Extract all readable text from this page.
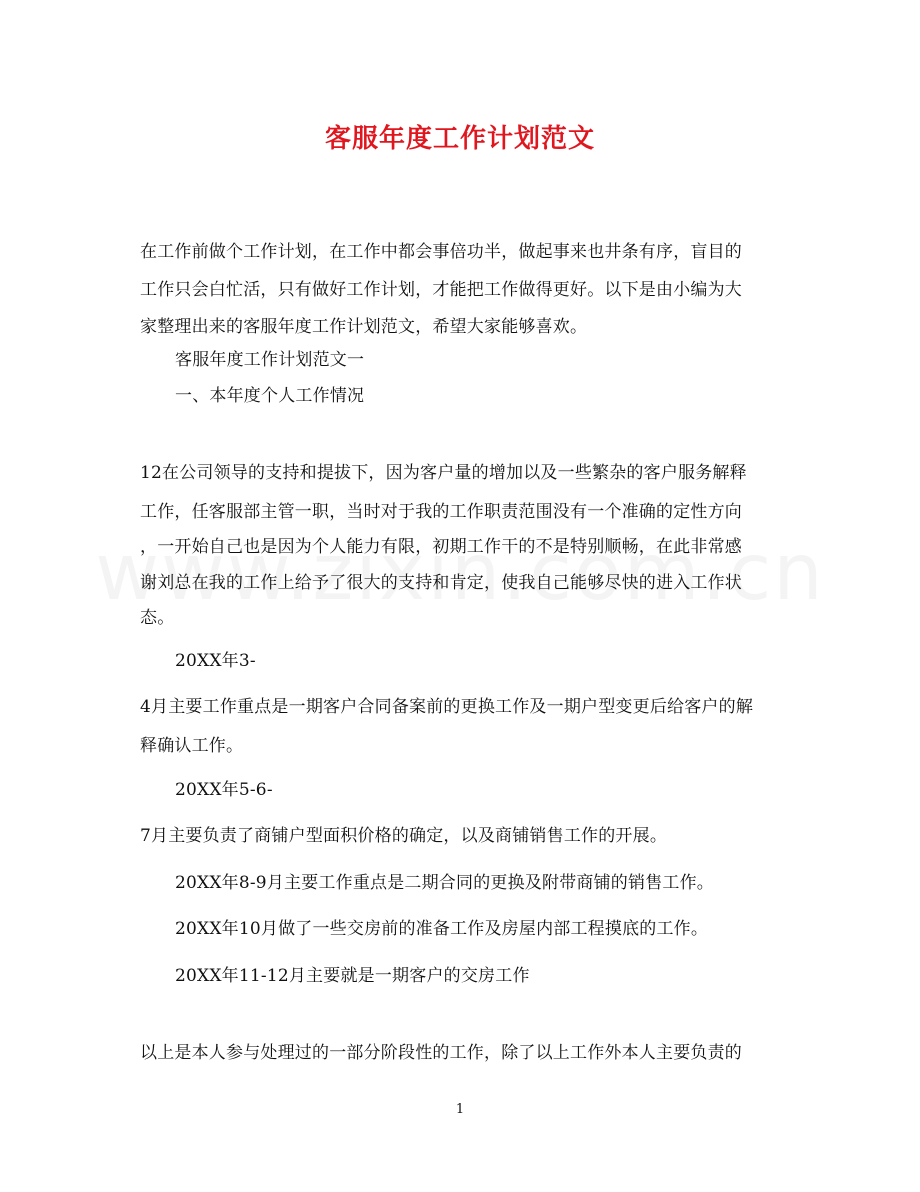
客服年度工作计划范文
在工作前做个工作计划，在工作中都会事倍功半，做起事来也井条有序，盲目的
工作只会白忙活，只有做好工作计划，才能把工作做得更好。以下是由小编为大
家整理出来的客服年度工作计划范文，希望大家能够喜欢。
客服年度工作计划范文一
一、本年度个人工作情况
12在公司领导的支持和提拔下，因为客户量的增加以及一些繁杂的客户服务解释
工作，任客服部主管一职，当时对于我的工作职责范围没有一个准确的定性方向
，一开始自己也是因为个人能力有限，初期工作干的不是特别顺畅，在此非常感
谢刘总在我的工作上给予了很大的支持和肯定，使我自己能够尽快的进入工作状
态。
20XX年3-
4月主要工作重点是一期客户合同备案前的更换工作及一期户型变更后给客户的解
释确认工作。
20XX年5-6-
7月主要负责了商铺户型面积价格的确定，以及商铺销售工作的开展。
20XX年8-9月主要工作重点是二期合同的更换及附带商铺的销售工作。
20XX年10月做了一些交房前的准备工作及房屋内部工程摸底的工作。
20XX年11-12月主要就是一期客户的交房工作
以上是本人参与处理过的一部分阶段性的工作，除了以上工作外本人主要负责的
1
